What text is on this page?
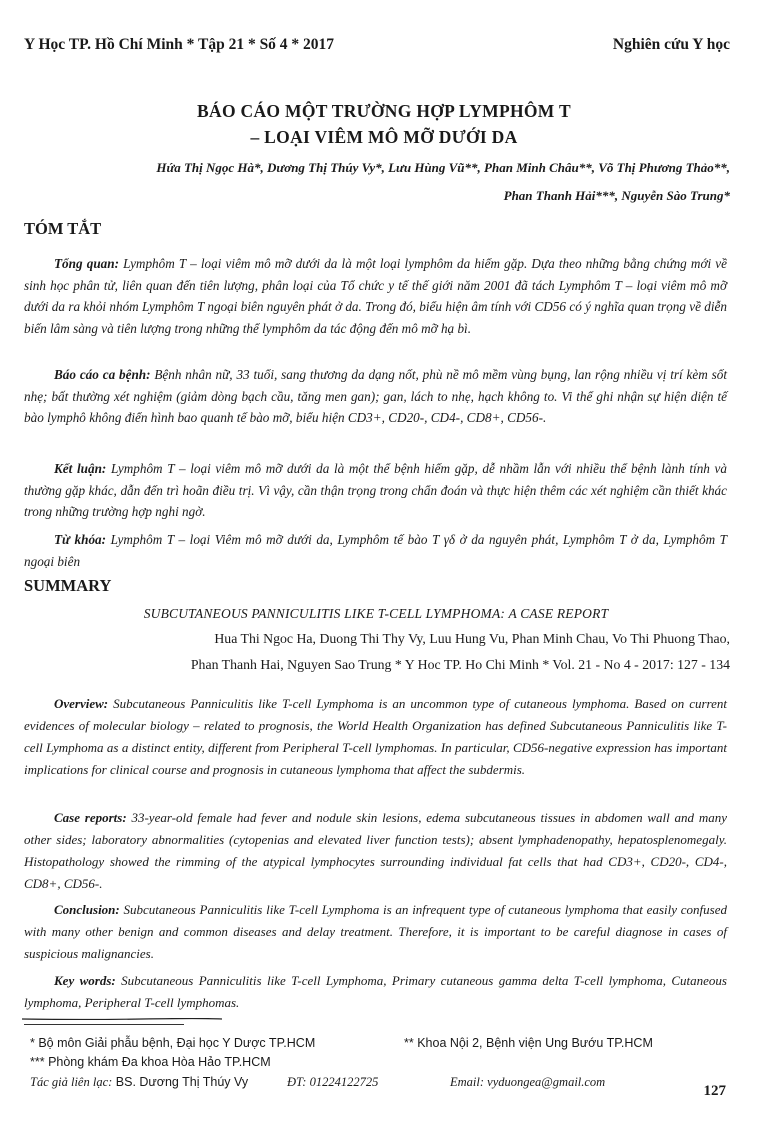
Y Học TP. Hồ Chí Minh * Tập 21 * Số 4 * 2017	Nghiên cứu Y học
BÁO CÁO MỘT TRƯỜNG HỢP LYMPHÔM T
– LOẠI VIÊM MÔ MỠ DƯỚI DA
Hứa Thị Ngọc Hà*, Dương Thị Thúy Vy*, Lưu Hùng Vũ**, Phan Minh Châu**, Võ Thị Phương Thảo**,
Phan Thanh Hải***, Nguyễn Sào Trung*
TÓM TẮT

Tổng quan: Lymphôm T – loại viêm mô mỡ dưới da là một loại lymphôm da hiếm gặp. Dựa theo những bằng chứng mới về sinh học phân tử, liên quan đến tiên lượng, phân loại của Tổ chức y tế thế giới năm 2001 đã tách Lymphôm T – loại viêm mô mỡ dưới da ra khỏi nhóm Lymphôm T ngoại biên nguyên phát ở da. Trong đó, biểu hiện âm tính với CD56 có ý nghĩa quan trọng về diễn biến lâm sàng và tiên lượng trong những thể lymphôm da tác động đến mô mỡ hạ bì.

Báo cáo ca bệnh: Bệnh nhân nữ, 33 tuổi, sang thương da dạng nốt, phù nề mô mềm vùng bụng, lan rộng nhiều vị trí kèm sốt nhẹ; bất thường xét nghiệm (giảm dòng bạch cầu, tăng men gan); gan, lách to nhẹ, hạch không to. Vi thể ghi nhận sự hiện diện tế bào lymphô không điển hình bao quanh tế bào mỡ, biểu hiện CD3+, CD20-, CD4-, CD8+, CD56-.

Kết luận: Lymphôm T – loại viêm mô mỡ dưới da là một thể bệnh hiếm gặp, dễ nhầm lẫn với nhiều thể bệnh lành tính và thường gặp khác, dẫn đến trì hoãn điều trị. Vì vậy, cần thận trọng trong chẩn đoán và thực hiện thêm các xét nghiệm cần thiết khác trong những trường hợp nghi ngờ.

Từ khóa: Lymphôm T – loại Viêm mô mỡ dưới da, Lymphôm tế bào T γδ ở da nguyên phát, Lymphôm T ở da, Lymphôm T ngoại biên

SUMMARY
SUBCUTANEOUS PANNICULITIS LIKE T-CELL LYMPHOMA: A CASE REPORT
Hua Thi Ngoc Ha, Duong Thi Thy Vy, Luu Hung Vu, Phan Minh Chau, Vo Thi Phuong Thao,
Phan Thanh Hai, Nguyen Sao Trung * Y Hoc TP. Ho Chi Minh * Vol. 21 - No 4 - 2017: 127 - 134

Overview: Subcutaneous Panniculitis like T-cell Lymphoma is an uncommon type of cutaneous lymphoma. Based on current evidences of molecular biology – related to prognosis, the World Health Organization has defined Subcutaneous Panniculitis like T-cell Lymphoma as a distinct entity, different from Peripheral T-cell lymphomas. In particular, CD56-negative expression has important implications for clinical course and prognosis in cutaneous lymphoma that affect the subdermis.

Case reports: 33-year-old female had fever and nodule skin lesions, edema subcutaneous tissues in abdomen wall and many other sides; laboratory abnormalities (cytopenias and elevated liver function tests); absent lymphadenopathy, hepatosplenomegaly. Histopathology showed the rimming of the atypical lymphocytes surrounding individual fat cells that had CD3+, CD20-, CD4-, CD8+, CD56-.

Conclusion: Subcutaneous Panniculitis like T-cell Lymphoma is an infrequent type of cutaneous lymphoma that easily confused with many other benign and common diseases and delay treatment. Therefore, it is important to be careful diagnose in cases of suspicious malignancies.

Key words: Subcutaneous Panniculitis like T-cell Lymphoma, Primary cutaneous gamma delta T-cell lymphoma, Cutaneous lymphoma, Peripheral T-cell lymphomas.

* Bộ môn Giải phẫu bệnh, Đại học Y Dược TP.HCM	** Khoa Nội 2, Bệnh viện Ung Bướu TP.HCM
*** Phòng khám Đa khoa Hòa Hảo TP.HCM
Tác giả liên lạc: BS. Dương Thị Thúy Vy	ĐT: 01224122725	Email: vyduongea@gmail.com
127
